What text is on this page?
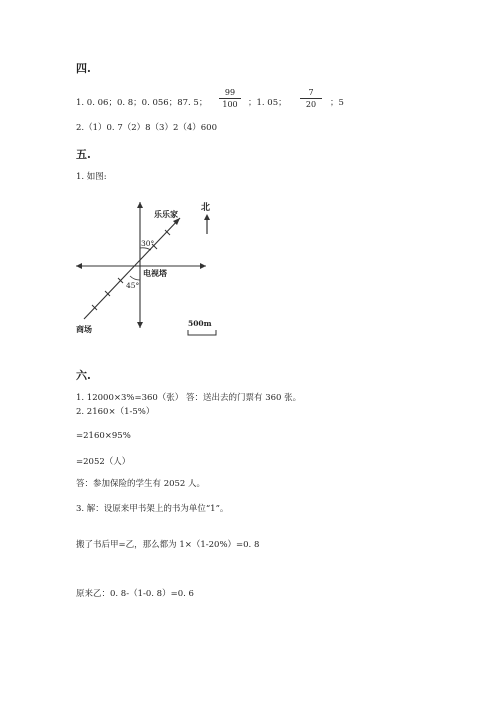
四.
1. 0. 06；0. 8；0. 056；87. 5；
99
100	；1. 05；
7
20	；5
2.（1）0. 7（2）8（3）2（4）600
五.
1. 如图:
乐乐家
30°
电视塔
45°
商场
500m
北
六.
1. 12000×3%=360（张） 答：送出去的门票有 360 张。
2. 2160×（1-5%）
=2160×95%
=2052（人）
答：参加保险的学生有 2052 人。
3. 解：设原来甲书架上的书为单位“1”。
搬了书后甲=乙，那么都为 1×（1-20%）=0. 8
原来乙：0. 8-（1-0. 8）=0. 6
